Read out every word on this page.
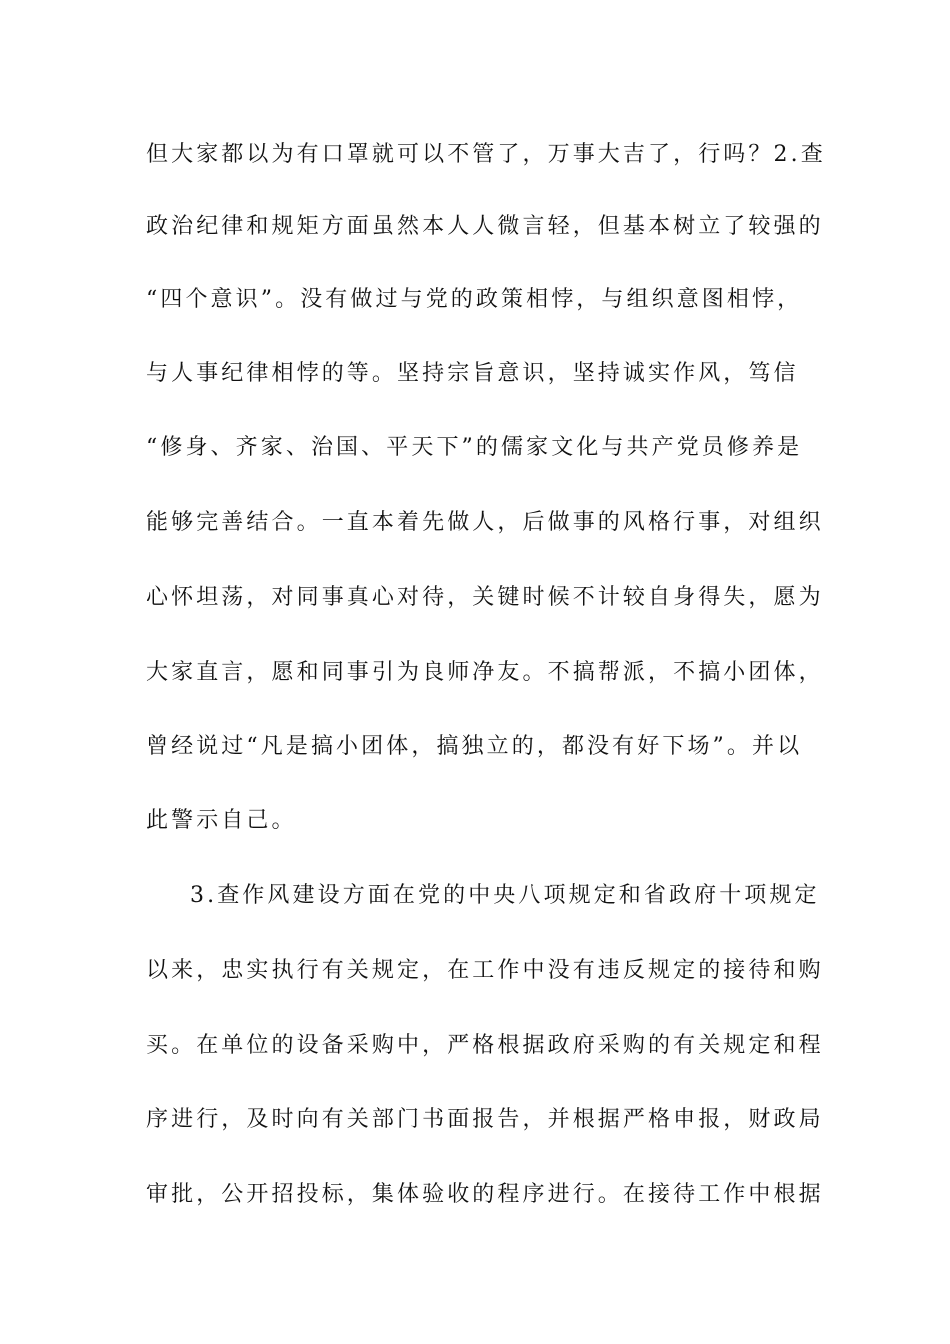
但大家都以为有口罩就可以不管了，万事大吉了，行吗？2.查
政治纪律和规矩方面虽然本人人微言轻，但基本树立了较强的
“四个意识”。没有做过与党的政策相悖，与组织意图相悖，
与人事纪律相悖的等。坚持宗旨意识，坚持诚实作风，笃信
“修身、齐家、治国、平天下”的儒家文化与共产党员修养是
能够完善结合。一直本着先做人，后做事的风格行事，对组织
心怀坦荡，对同事真心对待，关键时候不计较自身得失，愿为
大家直言，愿和同事引为良师净友。不搞帮派，不搞小团体，
曾经说过“凡是搞小团体，搞独立的，都没有好下场”。并以
此警示自己。
3.查作风建设方面在党的中央八项规定和省政府十项规定
以来，忠实执行有关规定，在工作中没有违反规定的接待和购
买。在单位的设备采购中，严格根据政府采购的有关规定和程
序进行，及时向有关部门书面报告，并根据严格申报，财政局
审批，公开招投标，集体验收的程序进行。在接待工作中根据
